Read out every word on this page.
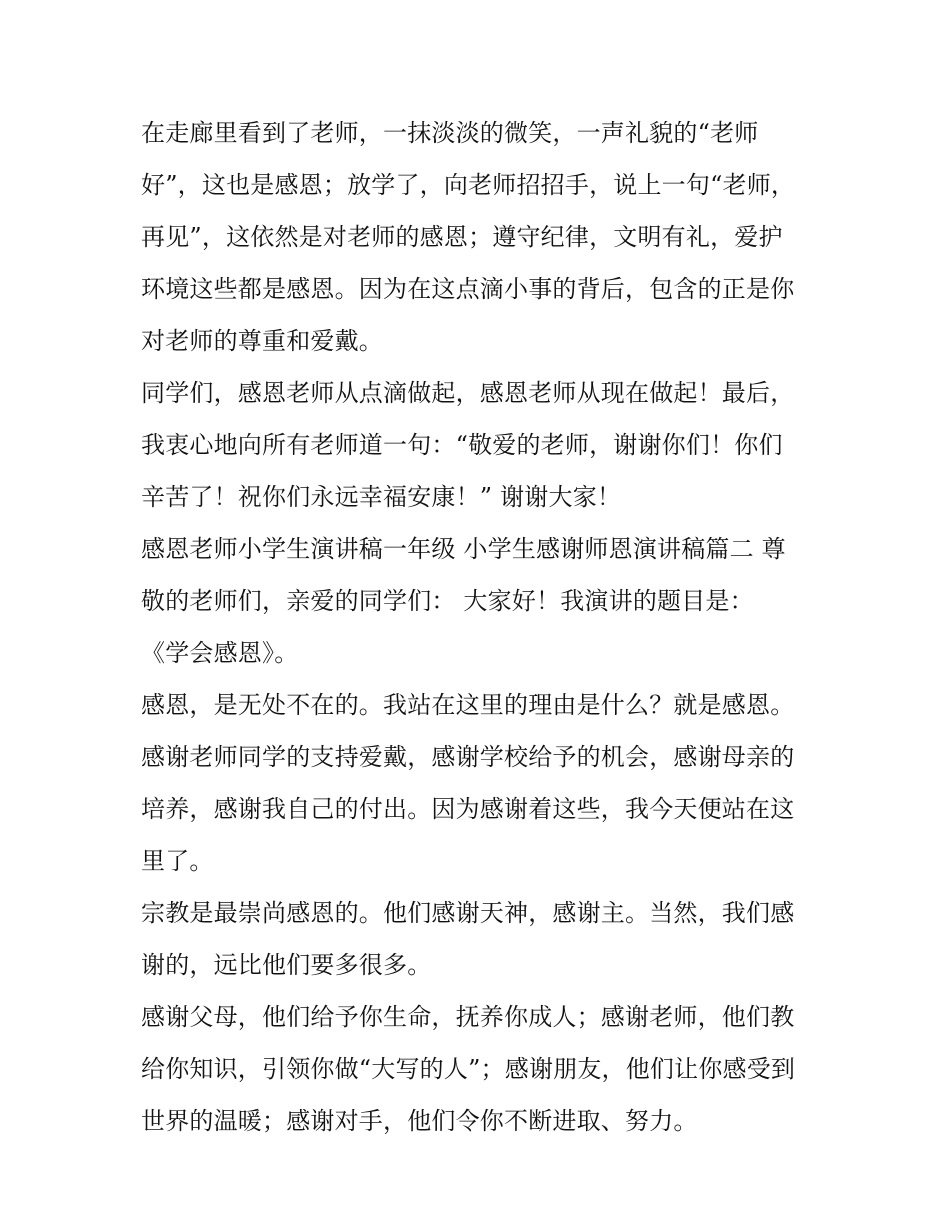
在走廊里看到了老师，一抹淡淡的微笑，一声礼貌的“老师
好”，这也是感恩；放学了，向老师招招手，说上一句“老师，
再见”，这依然是对老师的感恩；遵守纪律，文明有礼，爱护
环境这些都是感恩。因为在这点滴小事的背后，包含的正是你
对老师的尊重和爱戴。
同学们，感恩老师从点滴做起，感恩老师从现在做起！最后，
我衷心地向所有老师道一句：“敬爱的老师，谢谢你们！你们
辛苦了！祝你们永远幸福安康！” 谢谢大家！
感恩老师小学生演讲稿一年级 小学生感谢师恩演讲稿篇二 尊
敬的老师们，亲爱的同学们： 大家好！我演讲的题目是：
《学会感恩》。
感恩，是无处不在的。我站在这里的理由是什么？就是感恩。
感谢老师同学的支持爱戴，感谢学校给予的机会，感谢母亲的
培养，感谢我自己的付出。因为感谢着这些，我今天便站在这
里了。
宗教是最崇尚感恩的。他们感谢天神，感谢主。当然，我们感
谢的，远比他们要多很多。
感谢父母，他们给予你生命，抚养你成人；感谢老师，他们教
给你知识，引领你做“大写的人”；感谢朋友，他们让你感受到
世界的温暖；感谢对手，他们令你不断进取、努力。
